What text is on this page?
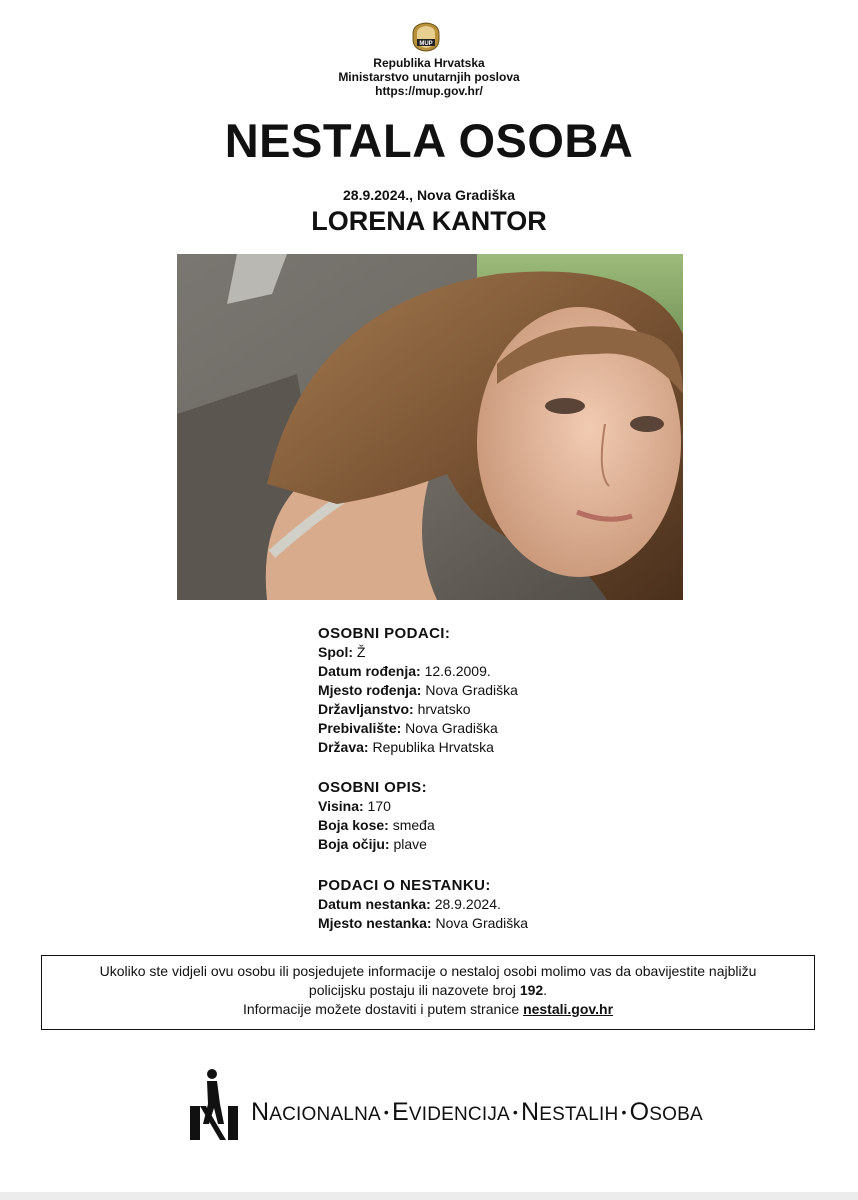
MUP
Republika Hrvatska
Ministarstvo unutarnjih poslova
https://mup.gov.hr/
NESTALA OSOBA
28.9.2024., Nova Gradiška
LORENA KANTOR
OSOBNI PODACI:
Spol: Ž
Datum rođenja: 12.6.2009.
Mjesto rođenja: Nova Gradiška
Državljanstvo: hrvatsko
Prebivalište: Nova Gradiška
Država: Republika Hrvatska
OSOBNI OPIS:
Visina: 170
Boja kose: smeđa
Boja očiju: plave
PODACI O NESTANKU:
Datum nestanka: 28.9.2024.
Mjesto nestanka: Nova Gradiška
Ukoliko ste vidjeli ovu osobu ili posjedujete informacije o nestaloj osobi molimo vas da obavijestite najbližu
policijsku postaju ili nazovete broj 192.
Informacije možete dostaviti i putem stranice nestali.gov.hr
NACIONALNA • EVIDENCIJA • NESTALIH • OSOBA
